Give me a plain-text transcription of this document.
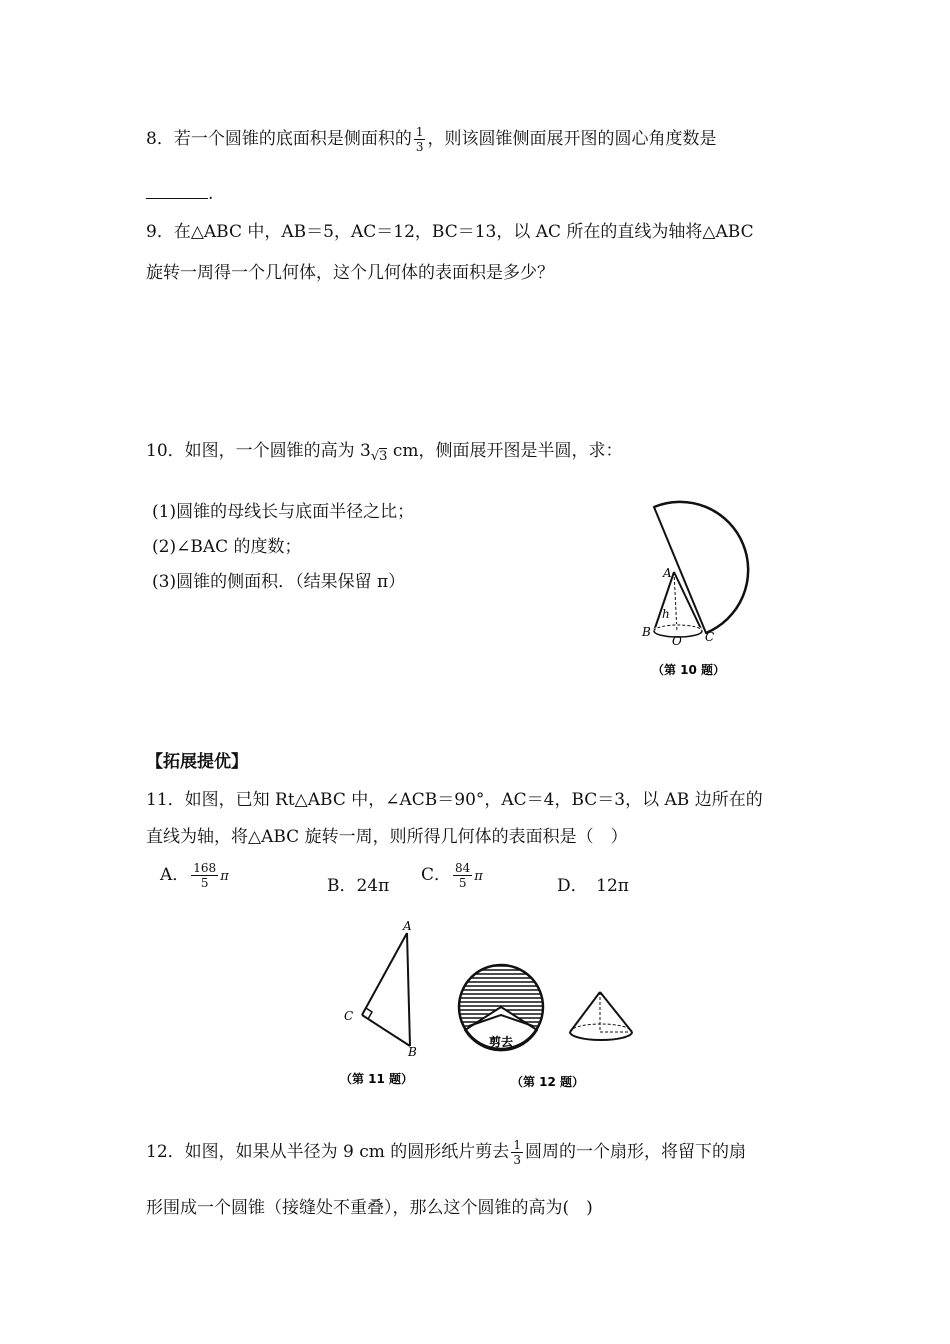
8．若一个圆锥的底面积是侧面积的 $\frac{1}{3}$ ，则该圆锥侧面展开图的圆心角度数是
.
9．在△ABC 中，AB＝5，AC＝12，BC＝13，以 AC 所在的直线为轴将△ABC
旋转一周得一个几何体，这个几何体的表面积是多少？
10．如图，一个圆锥的高为 $3_{√3}$ cm，侧面展开图是半圆，求：
(1)圆锥的母线长与底面半径之比；
(2)∠BAC 的度数；
(3)圆锥的侧面积．（结果保留 π）	A
h
B
O C
（第 10 题）
【拓展提优】
11．如图，已知 Rt△ABC 中，∠ACB＝90°，AC＝4，BC＝3，以 AB 边所在的
直线为轴，将△ABC 旋转一周，则所得几何体的表面积是（　）
A． $\frac{168}{5}$ π	B．24π
C． $\frac{84}{5}$ π	D．　12π
A
C
B
（第 11 题）
剪去
（第 12 题）
12．如图，如果从半径为 9 cm 的圆形纸片剪去 $\frac{1}{3}$ 圆周的一个扇形，将留下的扇
形围成一个圆锥（接缝处不重叠），那么这个圆锥的高为(　)
